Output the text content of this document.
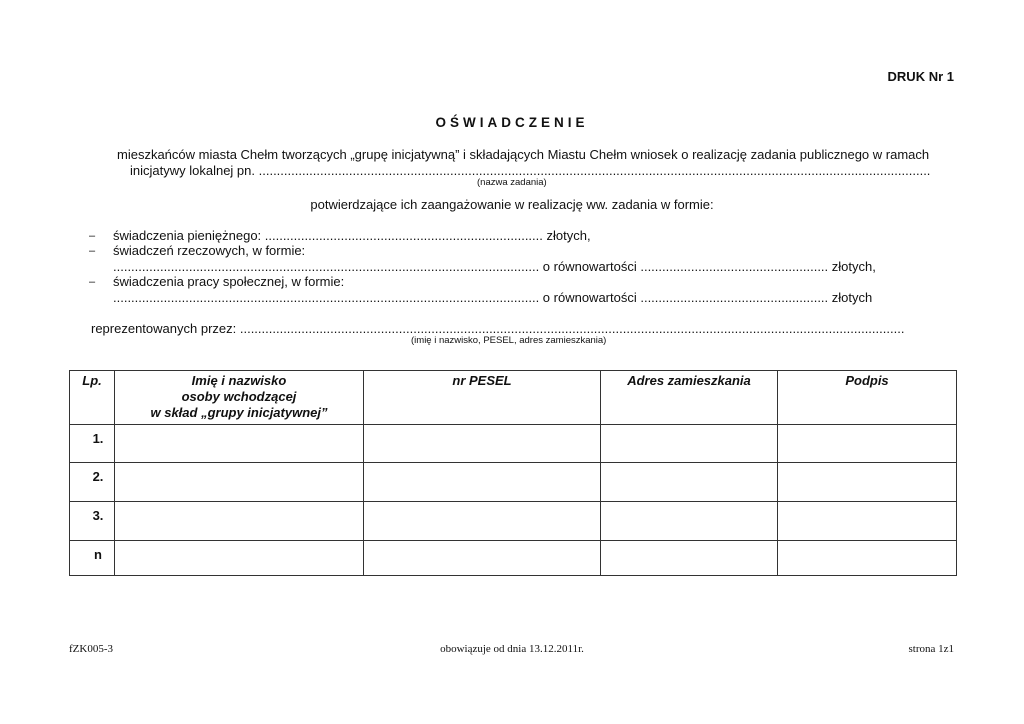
DRUK Nr 1
OŚWIADCZENIE
mieszkańców miasta Chełm tworzących „grupę inicjatywną” i składających Miastu Chełm wniosek o realizację zadania publicznego w ramach
inicjatywy lokalnej pn. ..........................................................................................................................................................................................
(nazwa zadania)
potwierdzające ich zaangażowanie w realizację ww. zadania w formie:
– świadczenia pieniężnego: ............................................................................. złotych,
– świadczeń rzeczowych, w formie:
...................................................................................................................... o równowartości .................................................... złotych,
– świadczenia pracy społecznej, w formie:
...................................................................................................................... o równowartości .................................................... złotych
reprezentowanych przez: ........................................................................................................................................................................................
(imię i nazwisko, PESEL, adres zamieszkania)
Lp.	Imię i nazwisko
osoby wchodzącej
w skład „grupy inicjatywnej”	nr PESEL	Adres zamieszkania	Podpis
1.				
2.				
3.				
n				
fZK005-3	obowiązuje od dnia 13.12.2011r.	strona 1z1
